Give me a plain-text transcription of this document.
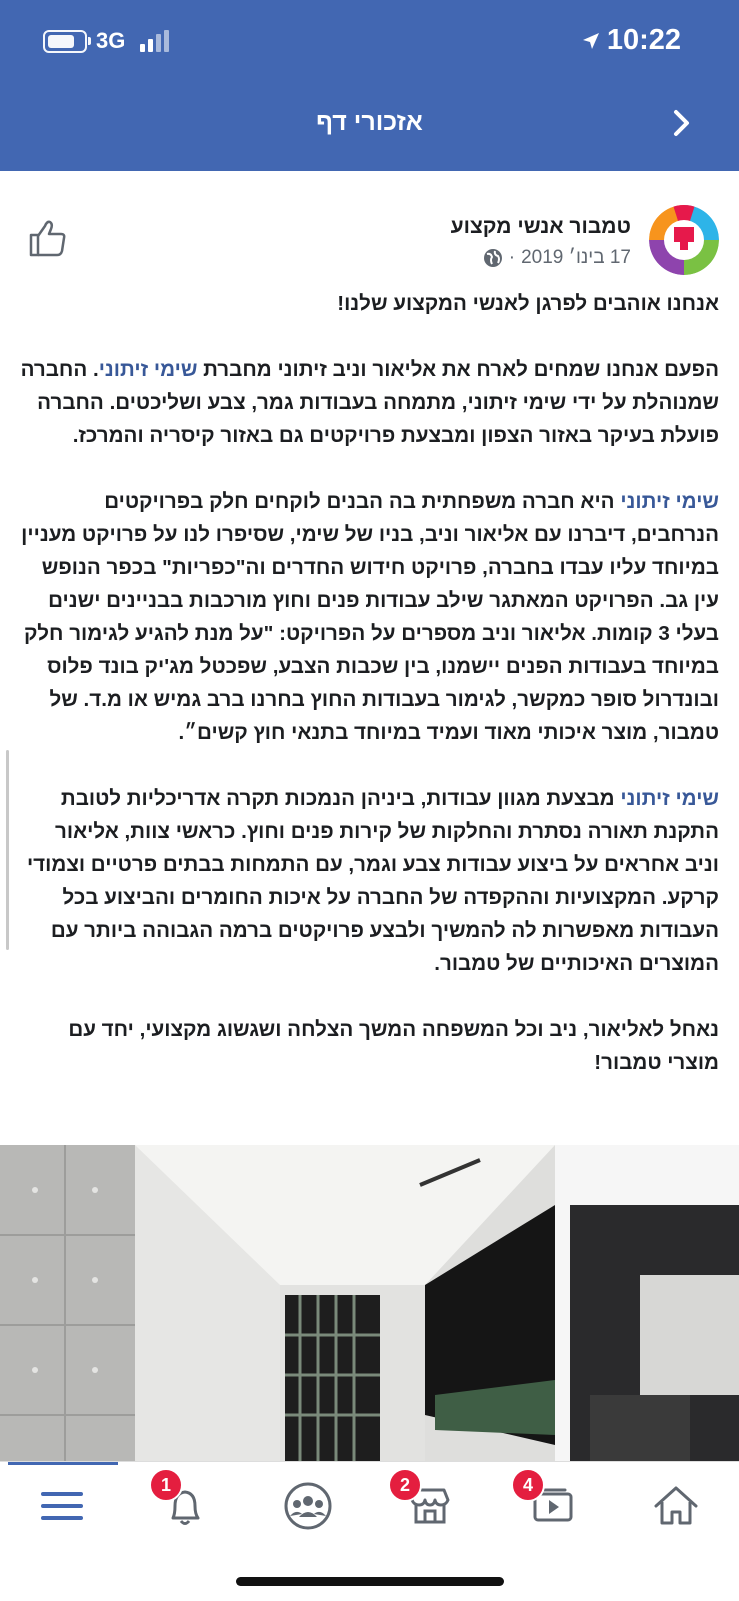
3G	10:22
אזכורי דף
טמבור אנשי מקצוע
17 בינו׳ 2019
·

אנחנו אוהבים לפרגן לאנשי המקצוע שלנו!

הפעם אנחנו שמחים לארח את אליאור וניב זיתוני מחברת שימי זיתוני. החברה שמנוהלת על ידי שימי זיתוני, מתמחה בעבודות גמר, צבע ושליכטים. החברה פועלת בעיקר באזור הצפון ומבצעת פרויקטים גם באזור קיסריה והמרכז.

שימי זיתוני היא חברה משפחתית בה הבנים לוקחים חלק בפרויקטים הנרחבים, דיברנו עם אליאור וניב, בניו של שימי, שסיפרו לנו על פרויקט מעניין במיוחד עליו עבדו בחברה, פרויקט חידוש החדרים וה"כפריות" בכפר הנופש עין גב. הפרויקט המאתגר שילב עבודות פנים וחוץ מורכבות בבניינים ישנים בעלי 3 קומות. אליאור וניב מספרים על הפרויקט: "על מנת להגיע לגימור חלק במיוחד בעבודות הפנים יישמנו, בין שכבות הצבע, שפכטל מג'יק בונד פלוס ובונדרול סופר כמקשר, לגימור בעבודות החוץ בחרנו ברב גמיש או מ.ד. של טמבור, מוצר איכותי מאוד ועמיד במיוחד בתנאי חוץ קשים״.

שימי זיתוני מבצעת מגוון עבודות, ביניהן הנמכות תקרה אדריכליות לטובת התקנת תאורה נסתרת והחלקות של קירות פנים וחוץ. כראשי צוות, אליאור וניב אחראים על ביצוע עבודות צבע וגמר, עם התמחות בבתים פרטיים וצמודי קרקע. המקצועיות וההקפדה של החברה על איכות החומרים והביצוע בכל העבודות מאפשרות לה להמשיך ולבצע פרויקטים ברמה הגבוהה ביותר עם המוצרים האיכותיים של טמבור.

נאחל לאליאור, ניב וכל המשפחה המשך הצלחה ושגשוג מקצועי, יחד עם מוצרי טמבור!

1	2	4
